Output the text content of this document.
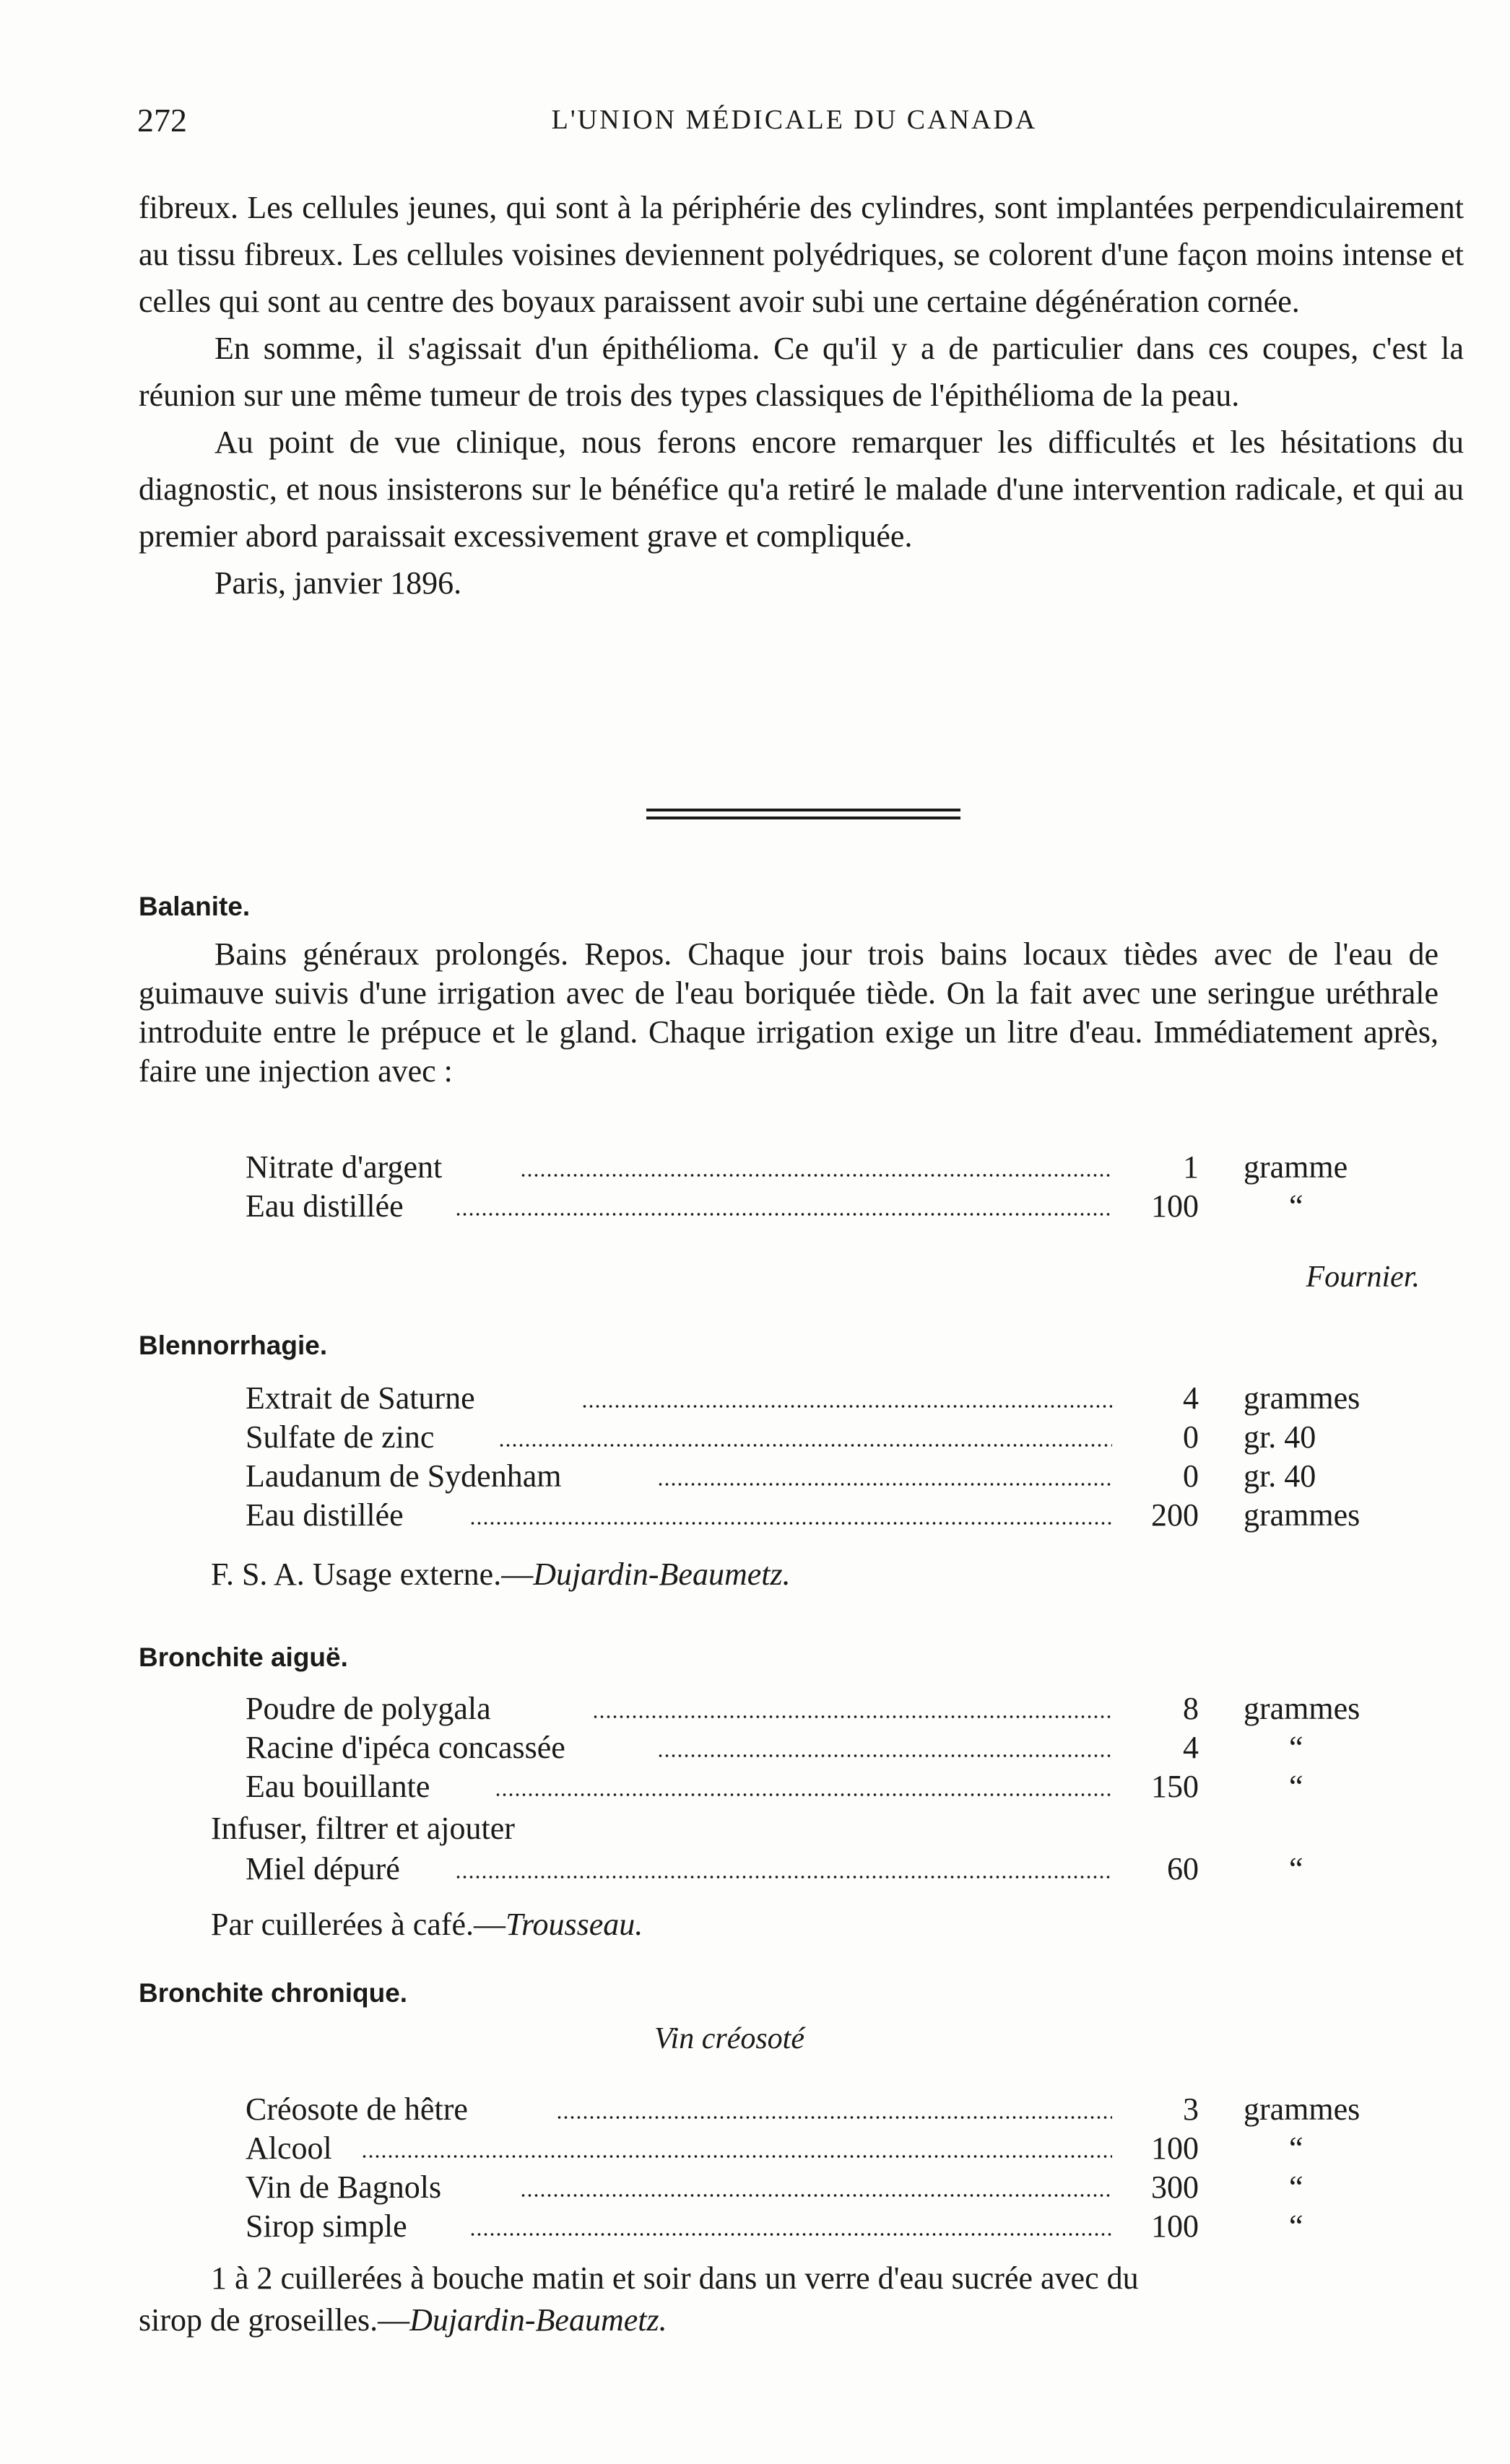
272	L'UNION MÉDICALE DU CANADA

fibreux. Les cellules jeunes, qui sont à la périphérie des cylindres, sont implantées perpendiculairement au tissu fibreux. Les cellules voisines deviennent polyédriques, se colorent d'une façon moins intense et celles qui sont au centre des boyaux paraissent avoir subi une certaine dégénération cornée.

En somme, il s'agissait d'un épithélioma. Ce qu'il y a de particulier dans ces coupes, c'est la réunion sur une même tumeur de trois des types classiques de l'épithélioma de la peau.

Au point de vue clinique, nous ferons encore remarquer les difficultés et les hésitations du diagnostic, et nous insisterons sur le bénéfice qu'a retiré le malade d'une intervention radicale, et qui au premier abord paraissait excessivement grave et compliquée.

Paris, janvier 1896.

Balanite.

Bains généraux prolongés. Repos. Chaque jour trois bains locaux tièdes avec de l'eau de guimauve suivis d'une irrigation avec de l'eau boriquée tiède. On la fait avec une seringue uréthrale introduite entre le prépuce et le gland. Chaque irrigation exige un litre d'eau. Immédiatement après, faire une injection avec :

Nitrate d'argent	1 gramme
Eau distillée	100	“
Fournier.
Blennorrhagie.
Extrait de Saturne	4 grammes
Sulfate de zinc	0 gr. 40
Laudanum de Sydenham	0 gr. 40
Eau distillée	200 grammes
F. S. A. Usage externe.—Dujardin-Beaumetz.
Bronchite aiguë.
Poudre de polygala	8 grammes
Racine d'ipéca concassée	4	“
Eau bouillante	150	“
Infuser, filtrer et ajouter
Miel dépuré	60	“
Par cuillerées à café.—Trousseau.
Bronchite chronique.
Vin créosoté
Créosote de hêtre	3 grammes
Alcool	100	“
Vin de Bagnols	300	“
Sirop simple	100	“
1 à 2 cuillerées à bouche matin et soir dans un verre d'eau sucrée avec du
sirop de groseilles.—Dujardin-Beaumetz.
